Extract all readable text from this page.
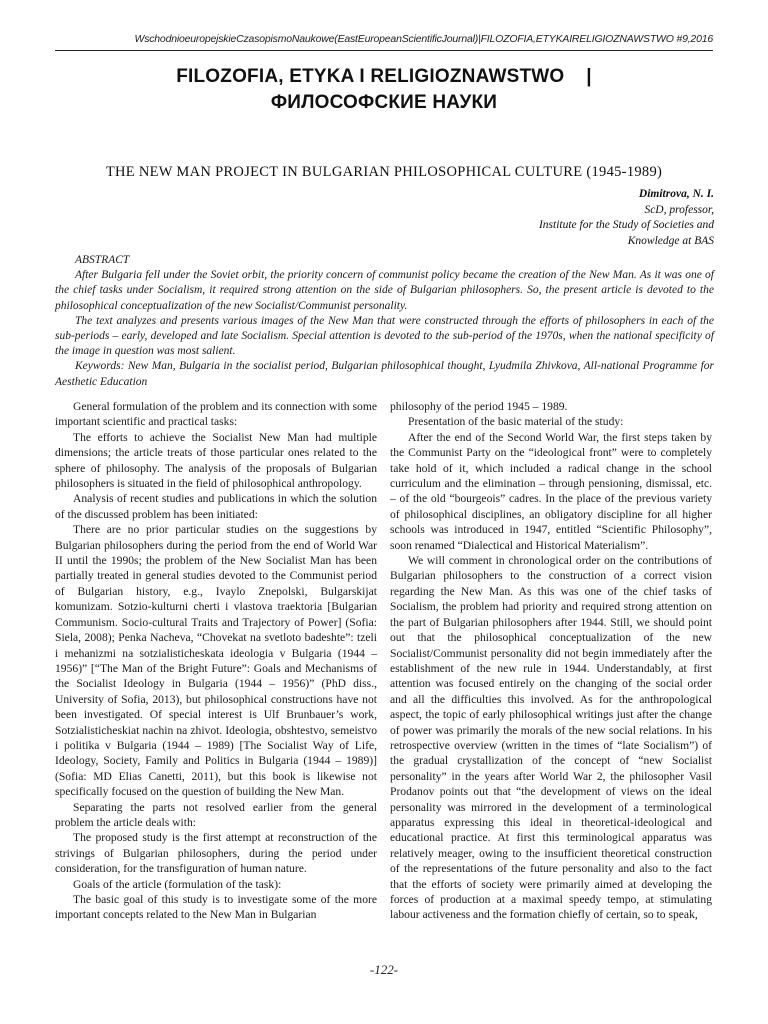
WschodnioeuropejskieCzasopismoNaukowe(EastEuropeanScientificJournal)|FILOZOFIA,ETYKAIRELIGIOZNAWSTWO #9,2016
FILOZOFIA, ETYKA I RELIGIOZNAWSTWO    |
ФИЛОСОФСКИЕ НАУКИ
THE NEW MAN PROJECT IN BULGARIAN PHILOSOPHICAL CULTURE (1945-1989)
Dimitrova, N. I.
ScD, professor,
Institute for the Study of Societies and
Knowledge at BAS

ABSTRACT

After Bulgaria fell under the Soviet orbit, the priority concern of communist policy became the creation of the New Man. As it was one of the chief tasks under Socialism, it required strong attention on the side of Bulgarian philosophers. So, the present article is devoted to the philosophical conceptualization of the new Socialist/Communist personality.

The text analyzes and presents various images of the New Man that were constructed through the efforts of philosophers in each of the sub-periods – early, developed and late Socialism. Special attention is devoted to the sub-period of the 1970s, when the national specificity of the image in question was most salient.

Keywords: New Man, Bulgaria in the socialist period, Bulgarian philosophical thought, Lyudmila Zhivkova, All-national Programme for Aesthetic Education

General formulation of the problem and its connection with some important scientific and practical tasks:

The efforts to achieve the Socialist New Man had multiple dimensions; the article treats of those particular ones related to the sphere of philosophy. The analysis of the proposals of Bulgarian philosophers is situated in the field of philosophical anthropology.

Analysis of recent studies and publications in which the solution of the discussed problem has been initiated:

There are no prior particular studies on the suggestions by Bulgarian philosophers during the period from the end of World War II until the 1990s; the problem of the New Socialist Man has been partially treated in general studies devoted to the Communist period of Bulgarian history, e.g., Ivaylo Znepolski, Bulgarskijat komunizam. Sotzio-kulturni cherti i vlastova traektoria [Bulgarian Communism. Socio-cultural Traits and Trajectory of Power] (Sofia: Siela, 2008); Penka Nacheva, “Chovekat na svetloto badeshte”: tzeli i mehanizmi na sotzialisticheskata ideologia v Bulgaria (1944 – 1956)” [“The Man of the Bright Future”: Goals and Mechanisms of the Socialist Ideology in Bulgaria (1944 – 1956)” (PhD diss., University of Sofia, 2013), but philosophical constructions have not been investigated. Of special interest is Ulf Brunbauer’s work, Sotzialisticheskiat nachin na zhivot. Ideologia, obshtestvo, semeistvo i politika v Bulgaria (1944 – 1989) [The Socialist Way of Life, Ideology, Society, Family and Politics in Bulgaria (1944 – 1989)] (Sofia: MD Elias Canetti, 2011), but this book is likewise not specifically focused on the question of building the New Man.

Separating the parts not resolved earlier from the general problem the article deals with:

The proposed study is the first attempt at reconstruction of the strivings of Bulgarian philosophers, during the period under consideration, for the transfiguration of human nature.

Goals of the article (formulation of the task):

The basic goal of this study is to investigate some of the more important concepts related to the New Man in Bulgarian

philosophy of the period 1945 – 1989.

Presentation of the basic material of the study:

After the end of the Second World War, the first steps taken by the Communist Party on the “ideological front” were to completely take hold of it, which included a radical change in the school curriculum and the elimination – through pensioning, dismissal, etc. – of the old “bourgeois” cadres. In the place of the previous variety of philosophical disciplines, an obligatory discipline for all higher schools was introduced in 1947, entitled “Scientific Philosophy”, soon renamed “Dialectical and Historical Materialism”.

We will comment in chronological order on the contributions of Bulgarian philosophers to the construction of a correct vision regarding the New Man. As this was one of the chief tasks of Socialism, the problem had priority and required strong attention on the part of Bulgarian philosophers after 1944. Still, we should point out that the philosophical conceptualization of the new Socialist/Communist personality did not begin immediately after the establishment of the new rule in 1944. Understandably, at first attention was focused entirely on the changing of the social order and all the difficulties this involved. As for the anthropological aspect, the topic of early philosophical writings just after the change of power was primarily the morals of the new social relations. In his retrospective overview (written in the times of “late Socialism”) of the gradual crystallization of the concept of “new Socialist personality” in the years after World War 2, the philosopher Vasil Prodanov points out that “the development of views on the ideal personality was mirrored in the development of a terminological apparatus expressing this ideal in theoretical-ideological and educational practice. At first this terminological apparatus was relatively meager, owing to the insufficient theoretical construction of the representations of the future personality and also to the fact that the efforts of society were primarily aimed at developing the forces of production at a maximal speedy tempo, at stimulating labour activeness and the formation chiefly of certain, so to speak,

-122-
